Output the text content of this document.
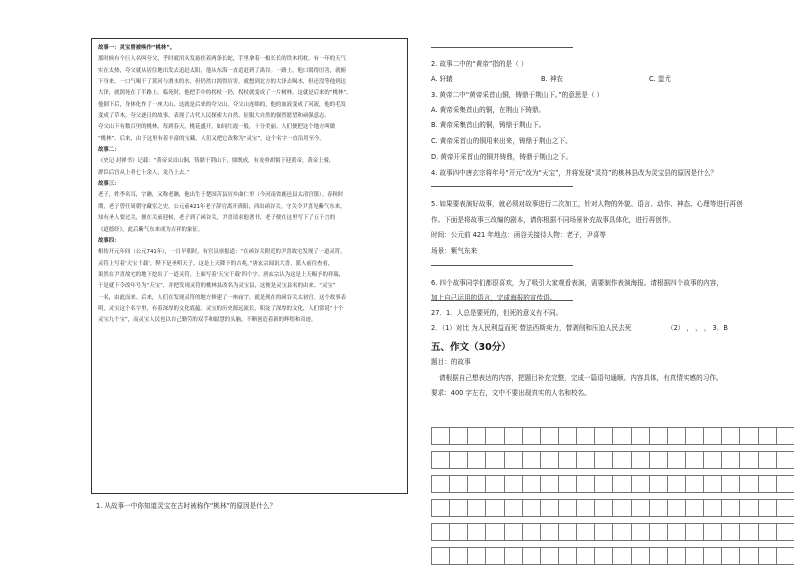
故事一：灵宝曾被唤作“桃林”。
那时候有个巨人名叫夸父，乎时就用头发悬挂着两条长蛇，手里拿着一根长长的铁木拐杖。有一年的天气
实在太热，夸父就从居住地出发去追赶太阳，他从东海一直追赶到了禺谷。一路上，他口渴得厉害，就俯
下身来，一口气喝干了黄河与渭水的水，但仍然口渴得厉害，就想到北方的大泽去喝水，但还没等他到达
大泽，就渴死在了半路上。临死时，他把手中的拐杖一扔，拐杖就变成了一片树林，这就是后来的“桃林”。
他倒下后，身体化作了一座大山，这就是后来的夸父山。夸父山连绵的，他的血液变成了河流，他的毛发
变成了草木。夸父逐日的故事，表现了古代人民探索大自然、征服大自然的强烈愿望和顽强意志。
夸父山下有数百里的桃林，每到春天，桃花盛开，如同红霞一般，十分美丽。人们便把这个地方叫做
“桃林”。后来，由于这里有着丰富的宝藏，人们又把它改称为“灵宝”，这个名字一直沿用至今。
故事二：
《史记·封禅书》记载：“黄帝采首山铜，铸鼎于荆山下，鼎既成，有龙垂胡髯下迎黄帝，黄帝上骑，
群臣后宫从上者七十余人，龙乃上去。”
故事三：
老子，姓李名耳，字聃，又称老聃，他出生于楚国苦县厉乡曲仁里（今河南省鹿邑县太清宫镇）。春秋时
期，老子曾任周朝守藏室之史，公元前421年老子辞官离开洛阳，西出函谷关。守关令尹喜见紫气东来，
知有圣人要过关，便在关前迎候，老子到了函谷关，尹喜请求他著书，老子便在这里写下了五千言的
《道德经》，此后紫气东来成为吉祥的象征。
故事四：
相传开元年间（公元741年），一日早朝时，有官员禀报道：“在函谷关附近的尹喜故宅发现了一道灵符，
灵符上写着‘天宝千载’，陛下是圣明天子，这是上天降下的吉兆。”唐玄宗闻讯大喜，派人前往查看，
果然在尹喜故宅的地下挖出了一道灵符，上面写着‘天宝千载’四个字。唐玄宗认为这是上天赐予的祥瑞，
于是就下令改年号为“天宝”，并把发现灵符的桃林县改名为灵宝县，这便是灵宝县名的由来。“灵宝”
一名，由此而来。后来，人们在发现灵符的地方修建了一座庙宇，就是现在的函谷关太初宫。这个故事表
明，灵宝这个名字里，有着深厚的文化底蕴。灵宝的历史源远流长，积淀了深厚的文化，人们常说“十个
灵宝九个宝”，而灵宝人民也以自己勤劳的双手和聪慧的头脑，不断创造着新的辉煌和奇迹。
1. 从故事一中你知道灵宝在古时被称作“桃林”的原因是什么？
2. 故事二中的“黄帝”指的是（ ）
A. 轩辕	B. 神农	C. 蚩尤
3. 黄帝二中“黄帝采首山铜，铸鼎于荆山下。”的意思是（ ）
A. 黄帝采集首山的铜，在荆山下铸鼎。
B. 黄帝采集首山的铜，铸鼎于荆山下。
C. 黄帝采首山的铜用来出来，铸鼎于荆山之下。
D. 黄帝开采首山的铜并铸鼎，铸鼎于荆山之下。
4. 故事四中唐玄宗将年号“开元”改为“天宝”，并将发现“灵符”的桃林县改为灵宝县的原因是什么？
5. 如果要表演好故事，就必须对故事进行二次加工，针对人物的外貌、语言、动作、神态、心理等进行再创
作。下面是将故事三改编的剧本，请你根据不同场景补充故事具体化，进行再创作。
时间：公元前 421 年地点：函谷关接待人物：老子，尹喜等
场景：紫气东来
6. 四个故事同学们都很喜欢，为了吸引大家观看表演，需要制作表演海报。请根据四个故事的内容，
加上自己运用的语言，完成海报的宣传语。
27．1．人总是要死的，但死的意义有不同。
2．（1）对比 为人民利益而死 替法西斯卖力，替剥削和压迫人民去死	（2） ， ， ， 3．B
五、作文（30分）
题目：的故事
请根据自己想表达的内容，把题目补充完整，完成一篇语句通顺、内容具体，有真情实感的习作。
要求：400 字左右，文中不要出现真实的人名和校名。
